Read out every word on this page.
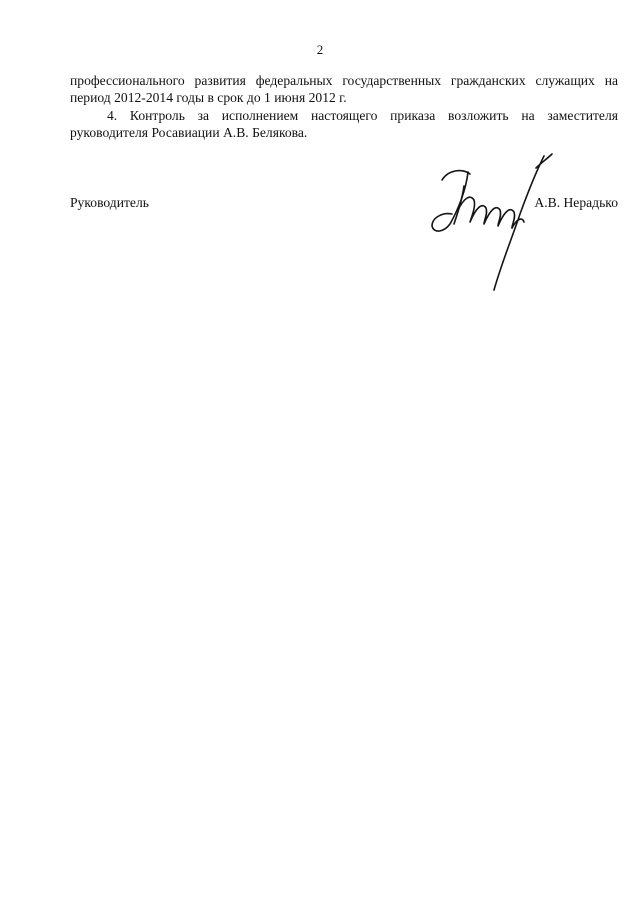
2

профессионального развития федеральных государственных гражданских служащих на период 2012-2014 годы в срок до 1 июня 2012 г.

4. Контроль за исполнением настоящего приказа возложить на заместителя руководителя Росавиации А.В. Белякова.

Руководитель	А.В. Нерадько
